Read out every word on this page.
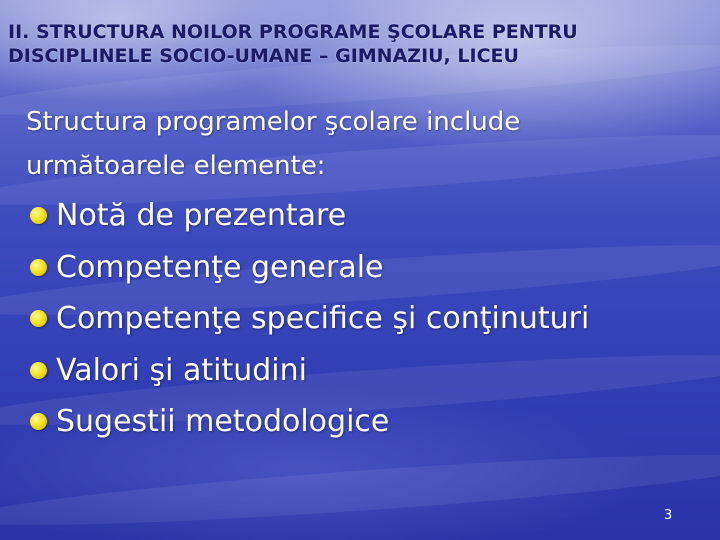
II. STRUCTURA NOILOR PROGRAME ŞCOLARE PENTRU
DISCIPLINELE SOCIO-UMANE – GIMNAZIU, LICEU
Structura programelor şcolare include
următoarele elemente:
Notă de prezentare
Competenţe generale
Competenţe specifice şi conţinuturi
Valori şi atitudini
Sugestii metodologice
3
